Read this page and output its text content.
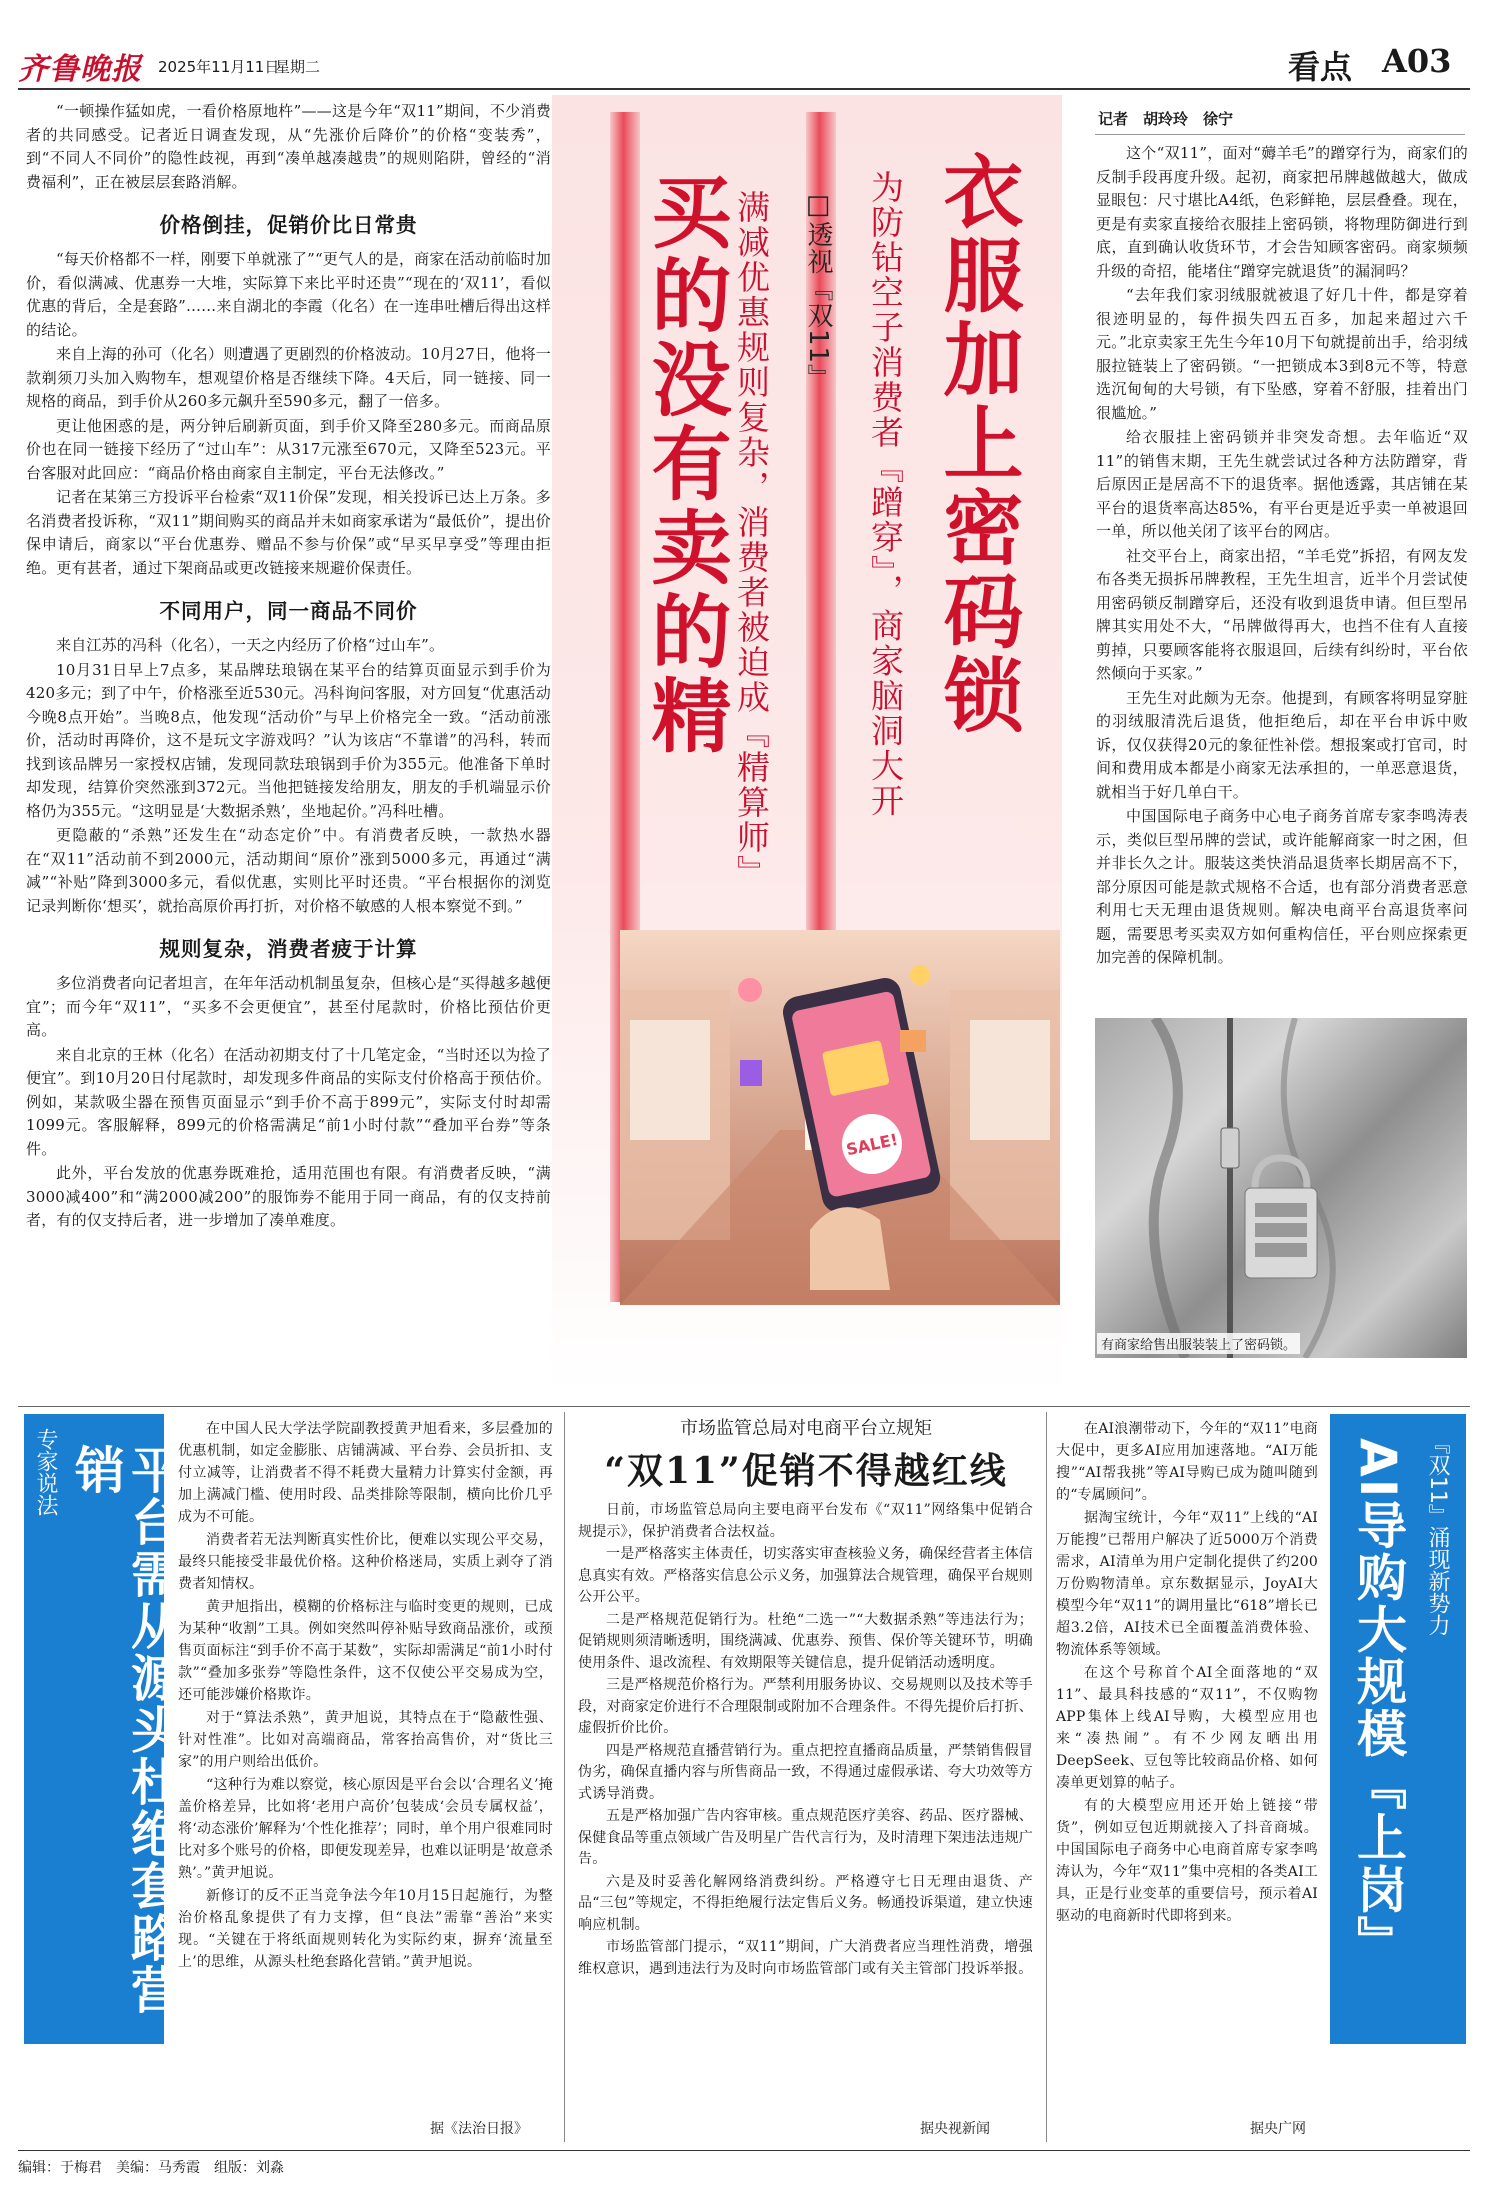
齐鲁晚报 2025年11月11日
星期二	看点 A03

“一顿操作猛如虎，一看价格原地杵”——这是今年“双11”期间，不少消费者的共同感受。记者近日调查发现，从“先涨价后降价”的价格“变装秀”，到“不同人不同价”的隐性歧视，再到“凑单越凑越贵”的规则陷阱，曾经的“消费福利”，正在被层层套路消解。

价格倒挂，促销价比日常贵

“每天价格都不一样，刚要下单就涨了”“更气人的是，商家在活动前临时加价，看似满减、优惠券一大堆，实际算下来比平时还贵”“现在的‘双11’，看似优惠的背后，全是套路”……来自湖北的李霞（化名）在一连串吐槽后得出这样的结论。

来自上海的孙可（化名）则遭遇了更剧烈的价格波动。10月27日，他将一款剃须刀头加入购物车，想观望价格是否继续下降。4天后，同一链接、同一规格的商品，到手价从260多元飙升至590多元，翻了一倍多。

更让他困惑的是，两分钟后刷新页面，到手价又降至280多元。而商品原价也在同一链接下经历了“过山车”：从317元涨至670元，又降至523元。平台客服对此回应：“商品价格由商家自主制定，平台无法修改。”

记者在某第三方投诉平台检索“双11价保”发现，相关投诉已达上万条。多名消费者投诉称，“双11”期间购买的商品并未如商家承诺为“最低价”，提出价保申请后，商家以“平台优惠券、赠品不参与价保”或“早买早享受”等理由拒绝。更有甚者，通过下架商品或更改链接来规避价保责任。

不同用户，同一商品不同价

来自江苏的冯科（化名），一天之内经历了价格“过山车”。

10月31日早上7点多，某品牌珐琅锅在某平台的结算页面显示到手价为420多元；到了中午，价格涨至近530元。冯科询问客服，对方回复“优惠活动今晚8点开始”。当晚8点，他发现“活动价”与早上价格完全一致。“活动前涨价，活动时再降价，这不是玩文字游戏吗？”认为该店“不靠谱”的冯科，转而找到该品牌另一家授权店铺，发现同款珐琅锅到手价为355元。他准备下单时却发现，结算价突然涨到372元。当他把链接发给朋友，朋友的手机端显示价格仍为355元。“这明显是‘大数据杀熟’，坐地起价。”冯科吐槽。

更隐蔽的“杀熟”还发生在“动态定价”中。有消费者反映，一款热水器在“双11”活动前不到2000元，活动期间“原价”涨到5000多元，再通过“满减”“补贴”降到3000多元，看似优惠，实则比平时还贵。“平台根据你的浏览记录判断你‘想买’，就抬高原价再打折，对价格不敏感的人根本察觉不到。”

规则复杂，消费者疲于计算

多位消费者向记者坦言，在年年活动机制虽复杂，但核心是“买得越多越便宜”；而今年“双11”，“买多不会更便宜”，甚至付尾款时，价格比预估价更高。

来自北京的王林（化名）在活动初期支付了十几笔定金，“当时还以为捡了便宜”。到10月20日付尾款时，却发现多件商品的实际支付价格高于预估价。例如，某款吸尘器在预售页面显示“到手价不高于899元”，实际支付时却需1099元。客服解释，899元的价格需满足“前1小时付款”“叠加平台券”等条件。

此外，平台发放的优惠券既难抢，适用范围也有限。有消费者反映，“满3000减400”和“满2000减200”的服饰券不能用于同一商品，有的仅支持前者，有的仅支持后者，进一步增加了凑单难度。

衣服加上密码锁
为防钻空子消费者『蹭穿』，商家脑洞大开
□透视『双11』
买的没有卖的精 满减优惠规则复杂，消费者被迫成『精算师』
SALE!
记者　胡玲玲　徐宁

这个“双11”，面对“薅羊毛”的蹭穿行为，商家们的反制手段再度升级。起初，商家把吊牌越做越大，做成显眼包：尺寸堪比A4纸，色彩鲜艳，层层叠叠。现在，更是有卖家直接给衣服挂上密码锁，将物理防御进行到底，直到确认收货环节，才会告知顾客密码。商家频频升级的奇招，能堵住“蹭穿完就退货”的漏洞吗？

“去年我们家羽绒服就被退了好几十件，都是穿着很迹明显的，每件损失四五百多，加起来超过六千元。”北京卖家王先生今年10月下旬就提前出手，给羽绒服拉链装上了密码锁。“一把锁成本3到8元不等，特意选沉甸甸的大号锁，有下坠感，穿着不舒服，挂着出门很尴尬。”

给衣服挂上密码锁并非突发奇想。去年临近“双11”的销售末期，王先生就尝试过各种方法防蹭穿，背后原因正是居高不下的退货率。据他透露，其店铺在某平台的退货率高达85%，有平台更是近乎卖一单被退回一单，所以他关闭了该平台的网店。

社交平台上，商家出招，“羊毛党”拆招，有网友发布各类无损拆吊牌教程，王先生坦言，近半个月尝试使用密码锁反制蹭穿后，还没有收到退货申请。但巨型吊牌其实用处不大，“吊牌做得再大，也挡不住有人直接剪掉，只要顾客能将衣服退回，后续有纠纷时，平台依然倾向于买家。”

王先生对此颇为无奈。他提到，有顾客将明显穿脏的羽绒服清洗后退货，他拒绝后，却在平台申诉中败诉，仅仅获得20元的象征性补偿。想报案或打官司，时间和费用成本都是小商家无法承担的，一单恶意退货，就相当于好几单白干。

中国国际电子商务中心电子商务首席专家李鸣涛表示，类似巨型吊牌的尝试，或许能解商家一时之困，但并非长久之计。服装这类快消品退货率长期居高不下，部分原因可能是款式规格不合适，也有部分消费者恶意利用七天无理由退货规则。解决电商平台高退货率问题，需要思考买卖双方如何重构信任，平台则应探索更加完善的保障机制。

有商家给售出服装装上了密码锁。
专家说法	平台需从源头杜绝套路营销

在中国人民大学法学院副教授黄尹旭看来，多层叠加的优惠机制，如定金膨胀、店铺满减、平台券、会员折扣、支付立减等，让消费者不得不耗费大量精力计算实付金额，再加上满减门槛、使用时段、品类排除等限制，横向比价几乎成为不可能。

消费者若无法判断真实性价比，便难以实现公平交易，最终只能接受非最优价格。这种价格迷局，实质上剥夺了消费者知情权。

黄尹旭指出，模糊的价格标注与临时变更的规则，已成为某种“收割”工具。例如突然叫停补贴导致商品涨价，或预售页面标注“到手价不高于某数”，实际却需满足“前1小时付款”“叠加多张券”等隐性条件，这不仅使公平交易成为空，还可能涉嫌价格欺诈。

对于“算法杀熟”，黄尹旭说，其特点在于“隐蔽性强、针对性准”。比如对高端商品，常客抬高售价，对“货比三家”的用户则给出低价。

“这种行为难以察觉，核心原因是平台会以‘合理名义’掩盖价格差异，比如将‘老用户高价’包装成‘会员专属权益’，将‘动态涨价’解释为‘个性化推荐’；同时，单个用户很难同时比对多个账号的价格，即便发现差异，也难以证明是‘故意杀熟’。”黄尹旭说。

新修订的反不正当竞争法今年10月15日起施行，为整治价格乱象提供了有力支撑，但“良法”需靠“善治”来实现。“关键在于将纸面规则转化为实际约束，摒弃‘流量至上’的思维，从源头杜绝套路化营销。”黄尹旭说。

据《法治日报》
市场监管总局对电商平台立规矩
“双11”促销不得越红线

日前，市场监管总局向主要电商平台发布《“双11”网络集中促销合规提示》，保护消费者合法权益。

一是严格落实主体责任，切实落实审查核验义务，确保经营者主体信息真实有效。严格落实信息公示义务，加强算法合规管理，确保平台规则公开公平。

二是严格规范促销行为。杜绝“二选一”“大数据杀熟”等违法行为；促销规则须清晰透明，围绕满减、优惠券、预售、保价等关键环节，明确使用条件、退改流程、有效期限等关键信息，提升促销活动透明度。

三是严格规范价格行为。严禁利用服务协议、交易规则以及技术等手段，对商家定价进行不合理限制或附加不合理条件。不得先提价后打折、虚假折价比价。

四是严格规范直播营销行为。重点把控直播商品质量，严禁销售假冒伪劣，确保直播内容与所售商品一致，不得通过虚假承诺、夸大功效等方式诱导消费。

五是严格加强广告内容审核。重点规范医疗美容、药品、医疗器械、保健食品等重点领域广告及明星广告代言行为，及时清理下架违法违规广告。

六是及时妥善化解网络消费纠纷。严格遵守七日无理由退货、产品“三包”等规定，不得拒绝履行法定售后义务。畅通投诉渠道，建立快速响应机制。

市场监管部门提示，“双11”期间，广大消费者应当理性消费，增强维权意识，遇到违法行为及时向市场监管部门或有关主管部门投诉举报。

据央视新闻

在AI浪潮带动下，今年的“双11”电商大促中，更多AI应用加速落地。“AI万能搜”“AI帮我挑”等AI导购已成为随叫随到的“专属顾问”。

据淘宝统计，今年“双11”上线的“AI万能搜”已帮用户解决了近5000万个消费需求，AI清单为用户定制化提供了约200万份购物清单。京东数据显示，JoyAI大模型今年“双11”的调用量比“618”增长已超3.2倍，AI技术已全面覆盖消费体验、物流体系等领域。

在这个号称首个AI全面落地的“双11”、最具科技感的“双11”，不仅购物APP集体上线AI导购，大模型应用也来“凑热闹”。有不少网友晒出用DeepSeek、豆包等比较商品价格、如何凑单更划算的帖子。

有的大模型应用还开始上链接“带货”，例如豆包近期就接入了抖音商城。中国国际电子商务中心电商首席专家李鸣涛认为，今年“双11”集中亮相的各类AI工具，正是行业变革的重要信号，预示着AI驱动的电商新时代即将到来。

据央广网
『双11』涌现新势力
AI导购大规模『上岗』
编辑：于梅君　美编：马秀霞　组版：刘淼
